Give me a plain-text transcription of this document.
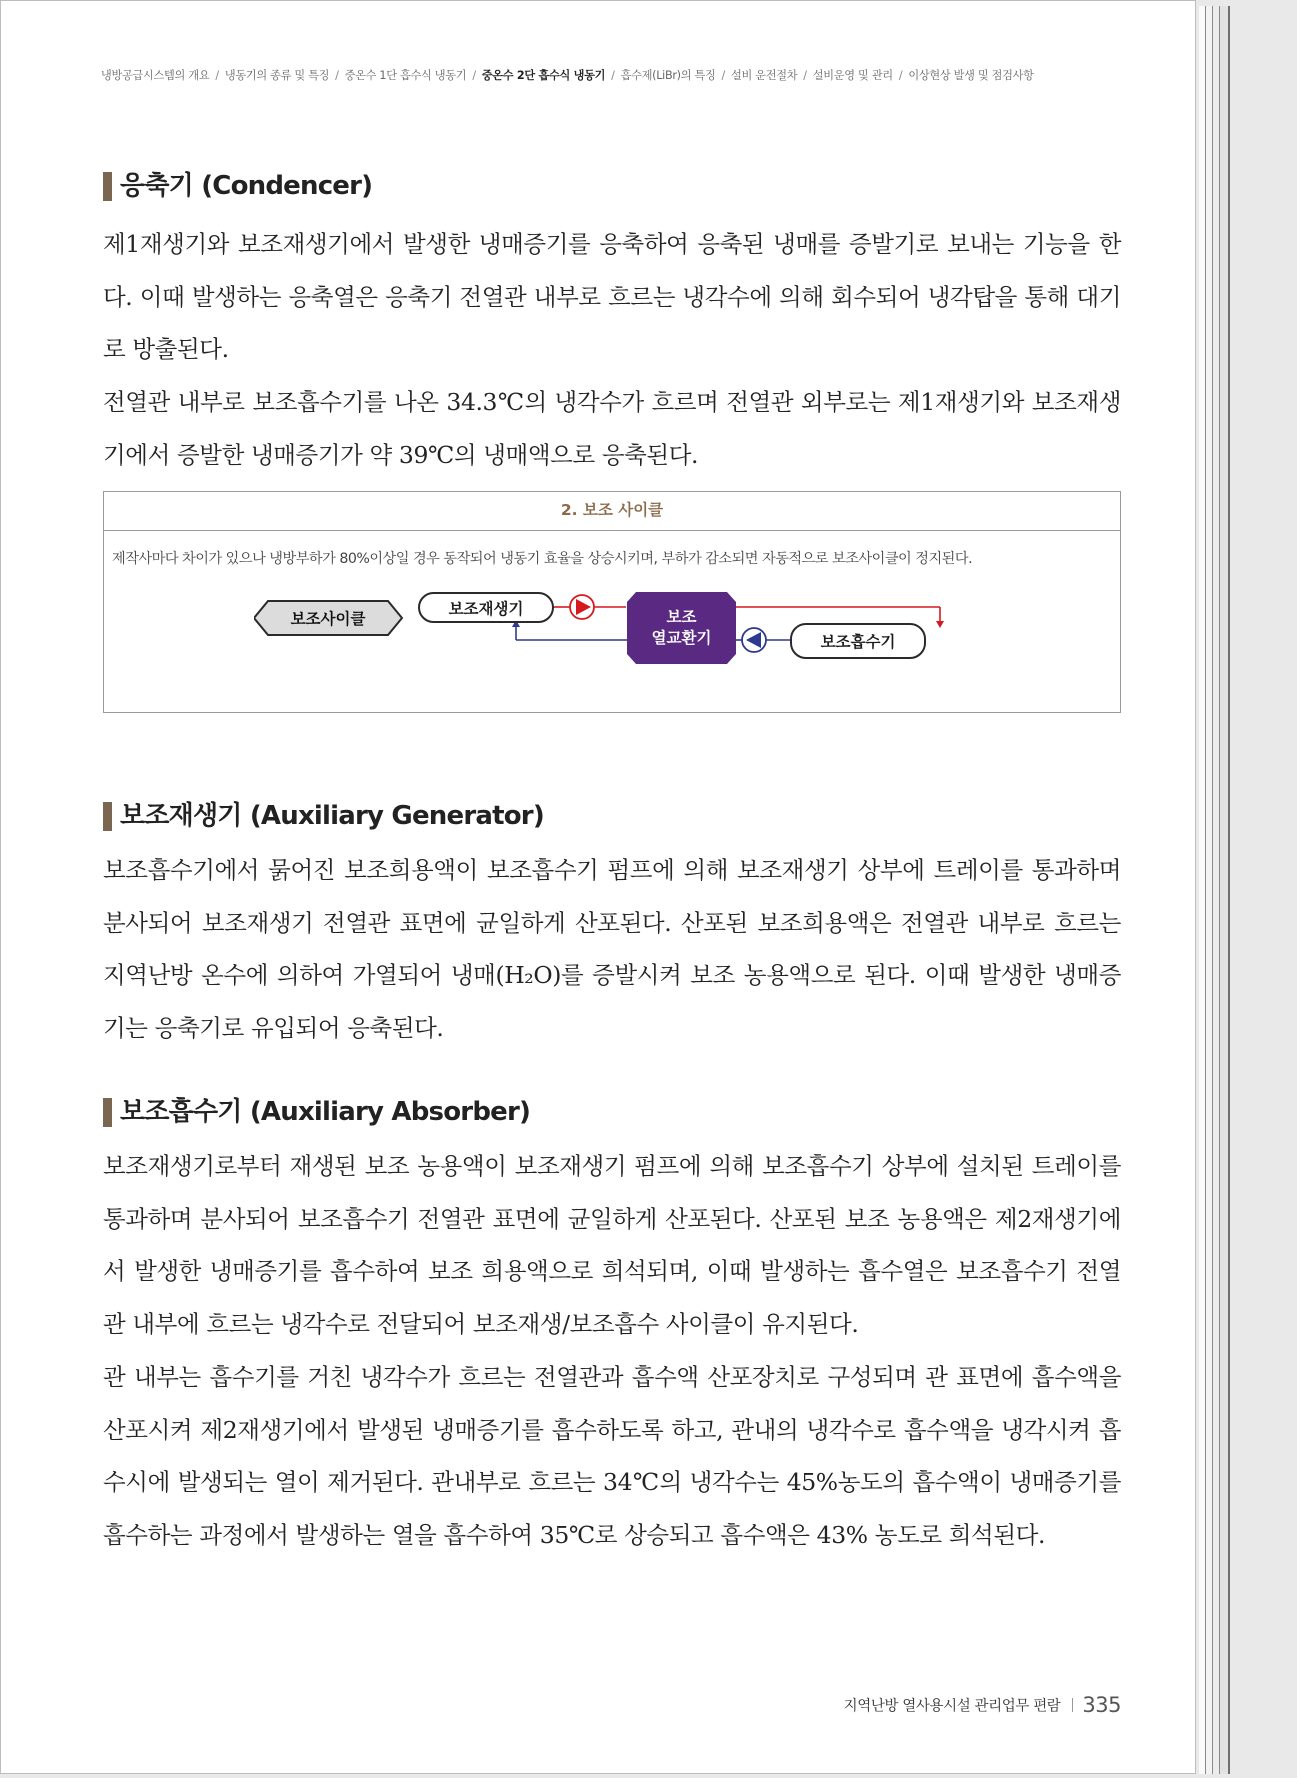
냉방공급시스템의 개요 / 냉동기의 종류 및 특징 / 중온수 1단 흡수식 냉동기 / 중온수 2단 흡수식 냉동기 / 흡수제(LiBr)의 특징 / 설비 운전절차 / 설비운영 및 관리 / 이상현상 발생 및 점검사항
응축기 (Condencer)

제1재생기와 보조재생기에서 발생한 냉매증기를 응축하여 응축된 냉매를 증발기로 보내는 기능을 한다. 이때 발생하는 응축열은 응축기 전열관 내부로 흐르는 냉각수에 의해 회수되어 냉각탑을 통해 대기로 방출된다.

전열관 내부로 보조흡수기를 나온 34.3℃의 냉각수가 흐르며 전열관 외부로는 제1재생기와 보조재생기에서 증발한 냉매증기가 약 39℃의 냉매액으로 응축된다.

2. 보조 사이클
제작사마다 차이가 있으나 냉방부하가 80%이상일 경우 동작되어 냉동기 효율을 상승시키며, 부하가 감소되면 자동적으로 보조사이클이 정지된다.
보조사이클
보조재생기	보조
열교환기	보조흡수기
보조재생기 (Auxiliary Generator)

보조흡수기에서 묽어진 보조희용액이 보조흡수기 펌프에 의해 보조재생기 상부에 트레이를 통과하며 분사되어 보조재생기 전열관 표면에 균일하게 산포된다. 산포된 보조희용액은 전열관 내부로 흐르는 지역난방 온수에 의하여 가열되어 냉매(H₂O)를 증발시켜 보조 농용액으로 된다. 이때 발생한 냉매증기는 응축기로 유입되어 응축된다.

보조흡수기 (Auxiliary Absorber)

보조재생기로부터 재생된 보조 농용액이 보조재생기 펌프에 의해 보조흡수기 상부에 설치된 트레이를 통과하며 분사되어 보조흡수기 전열관 표면에 균일하게 산포된다. 산포된 보조 농용액은 제2재생기에서 발생한 냉매증기를 흡수하여 보조 희용액으로 희석되며, 이때 발생하는 흡수열은 보조흡수기 전열관 내부에 흐르는 냉각수로 전달되어 보조재생/보조흡수 사이클이 유지된다.

관 내부는 흡수기를 거친 냉각수가 흐르는 전열관과 흡수액 산포장치로 구성되며 관 표면에 흡수액을 산포시켜 제2재생기에서 발생된 냉매증기를 흡수하도록 하고, 관내의 냉각수로 흡수액을 냉각시켜 흡수시에 발생되는 열이 제거된다. 관내부로 흐르는 34℃의 냉각수는 45%농도의 흡수액이 냉매증기를 흡수하는 과정에서 발생하는 열을 흡수하여 35℃로 상승되고 흡수액은 43% 농도로 희석된다.

지역난방 열사용시설 관리업무 편람 335
